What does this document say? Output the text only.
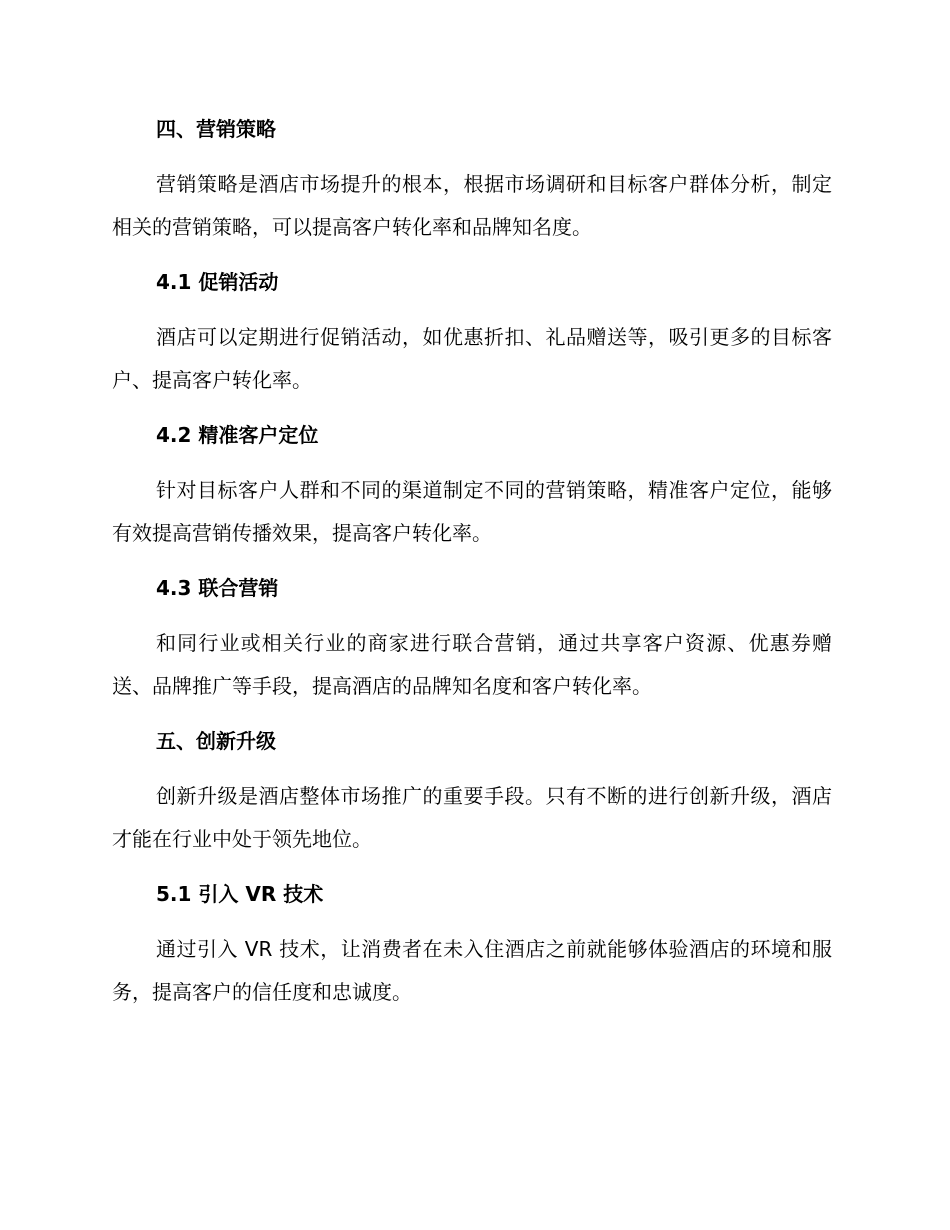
四、营销策略

营销策略是酒店市场提升的根本，根据市场调研和目标客户群体分析，制定相关的营销策略，可以提高客户转化率和品牌知名度。

4.1 促销活动

酒店可以定期进行促销活动，如优惠折扣、礼品赠送等，吸引更多的目标客户、提高客户转化率。

4.2 精准客户定位

针对目标客户人群和不同的渠道制定不同的营销策略，精准客户定位，能够有效提高营销传播效果，提高客户转化率。

4.3 联合营销

和同行业或相关行业的商家进行联合营销，通过共享客户资源、优惠券赠送、品牌推广等手段，提高酒店的品牌知名度和客户转化率。

五、创新升级

创新升级是酒店整体市场推广的重要手段。只有不断的进行创新升级，酒店才能在行业中处于领先地位。

5.1 引入 VR 技术

通过引入 VR 技术，让消费者在未入住酒店之前就能够体验酒店的环境和服务，提高客户的信任度和忠诚度。
